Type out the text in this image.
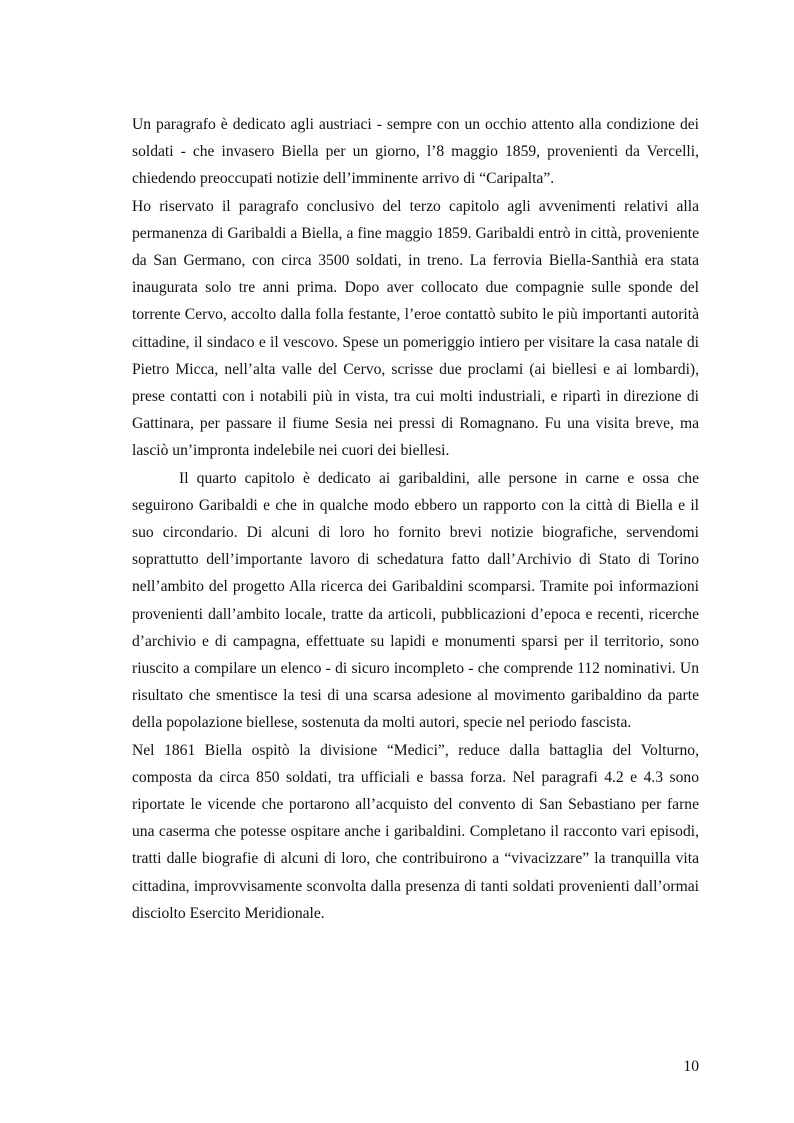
Un paragrafo è dedicato agli austriaci - sempre con un occhio attento alla condizione dei soldati - che invasero Biella per un giorno, l’8 maggio 1859, provenienti da Vercelli, chiedendo preoccupati notizie dell’imminente arrivo di “Caripalta”.

Ho riservato il paragrafo conclusivo del terzo capitolo agli avvenimenti relativi alla permanenza di Garibaldi a Biella, a fine maggio 1859. Garibaldi entrò in città, proveniente da San Germano, con circa 3500 soldati, in treno. La ferrovia Biella-Santhià era stata inaugurata solo tre anni prima. Dopo aver collocato due compagnie sulle sponde del torrente Cervo, accolto dalla folla festante, l’eroe contattò subito le più importanti autorità cittadine, il sindaco e il vescovo. Spese un pomeriggio intiero per visitare la casa natale di Pietro Micca, nell’alta valle del Cervo, scrisse due proclami (ai biellesi e ai lombardi), prese contatti con i notabili più in vista, tra cui molti industriali, e ripartì in direzione di Gattinara, per passare il fiume Sesia nei pressi di Romagnano. Fu una visita breve, ma lasciò un’impronta indelebile nei cuori dei biellesi.

Il quarto capitolo è dedicato ai garibaldini, alle persone in carne e ossa che seguirono Garibaldi e che in qualche modo ebbero un rapporto con la città di Biella e il suo circondario. Di alcuni di loro ho fornito brevi notizie biografiche, servendomi soprattutto dell’importante lavoro di schedatura fatto dall’Archivio di Stato di Torino nell’ambito del progetto Alla ricerca dei Garibaldini scomparsi. Tramite poi informazioni provenienti dall’ambito locale, tratte da articoli, pubblicazioni d’epoca e recenti, ricerche d’archivio e di campagna, effettuate su lapidi e monumenti sparsi per il territorio, sono riuscito a compilare un elenco - di sicuro incompleto - che comprende 112 nominativi. Un risultato che smentisce la tesi di una scarsa adesione al movimento garibaldino da parte della popolazione biellese, sostenuta da molti autori, specie nel periodo fascista.

Nel 1861 Biella ospitò la divisione “Medici”, reduce dalla battaglia del Volturno, composta da circa 850 soldati, tra ufficiali e bassa forza. Nel paragrafi 4.2 e 4.3 sono riportate le vicende che portarono all’acquisto del convento di San Sebastiano per farne una caserma che potesse ospitare anche i garibaldini. Completano il racconto vari episodi, tratti dalle biografie di alcuni di loro, che contribuirono a “vivacizzare” la tranquilla vita cittadina, improvvisamente sconvolta dalla presenza di tanti soldati provenienti dall’ormai disciolto Esercito Meridionale.

10
